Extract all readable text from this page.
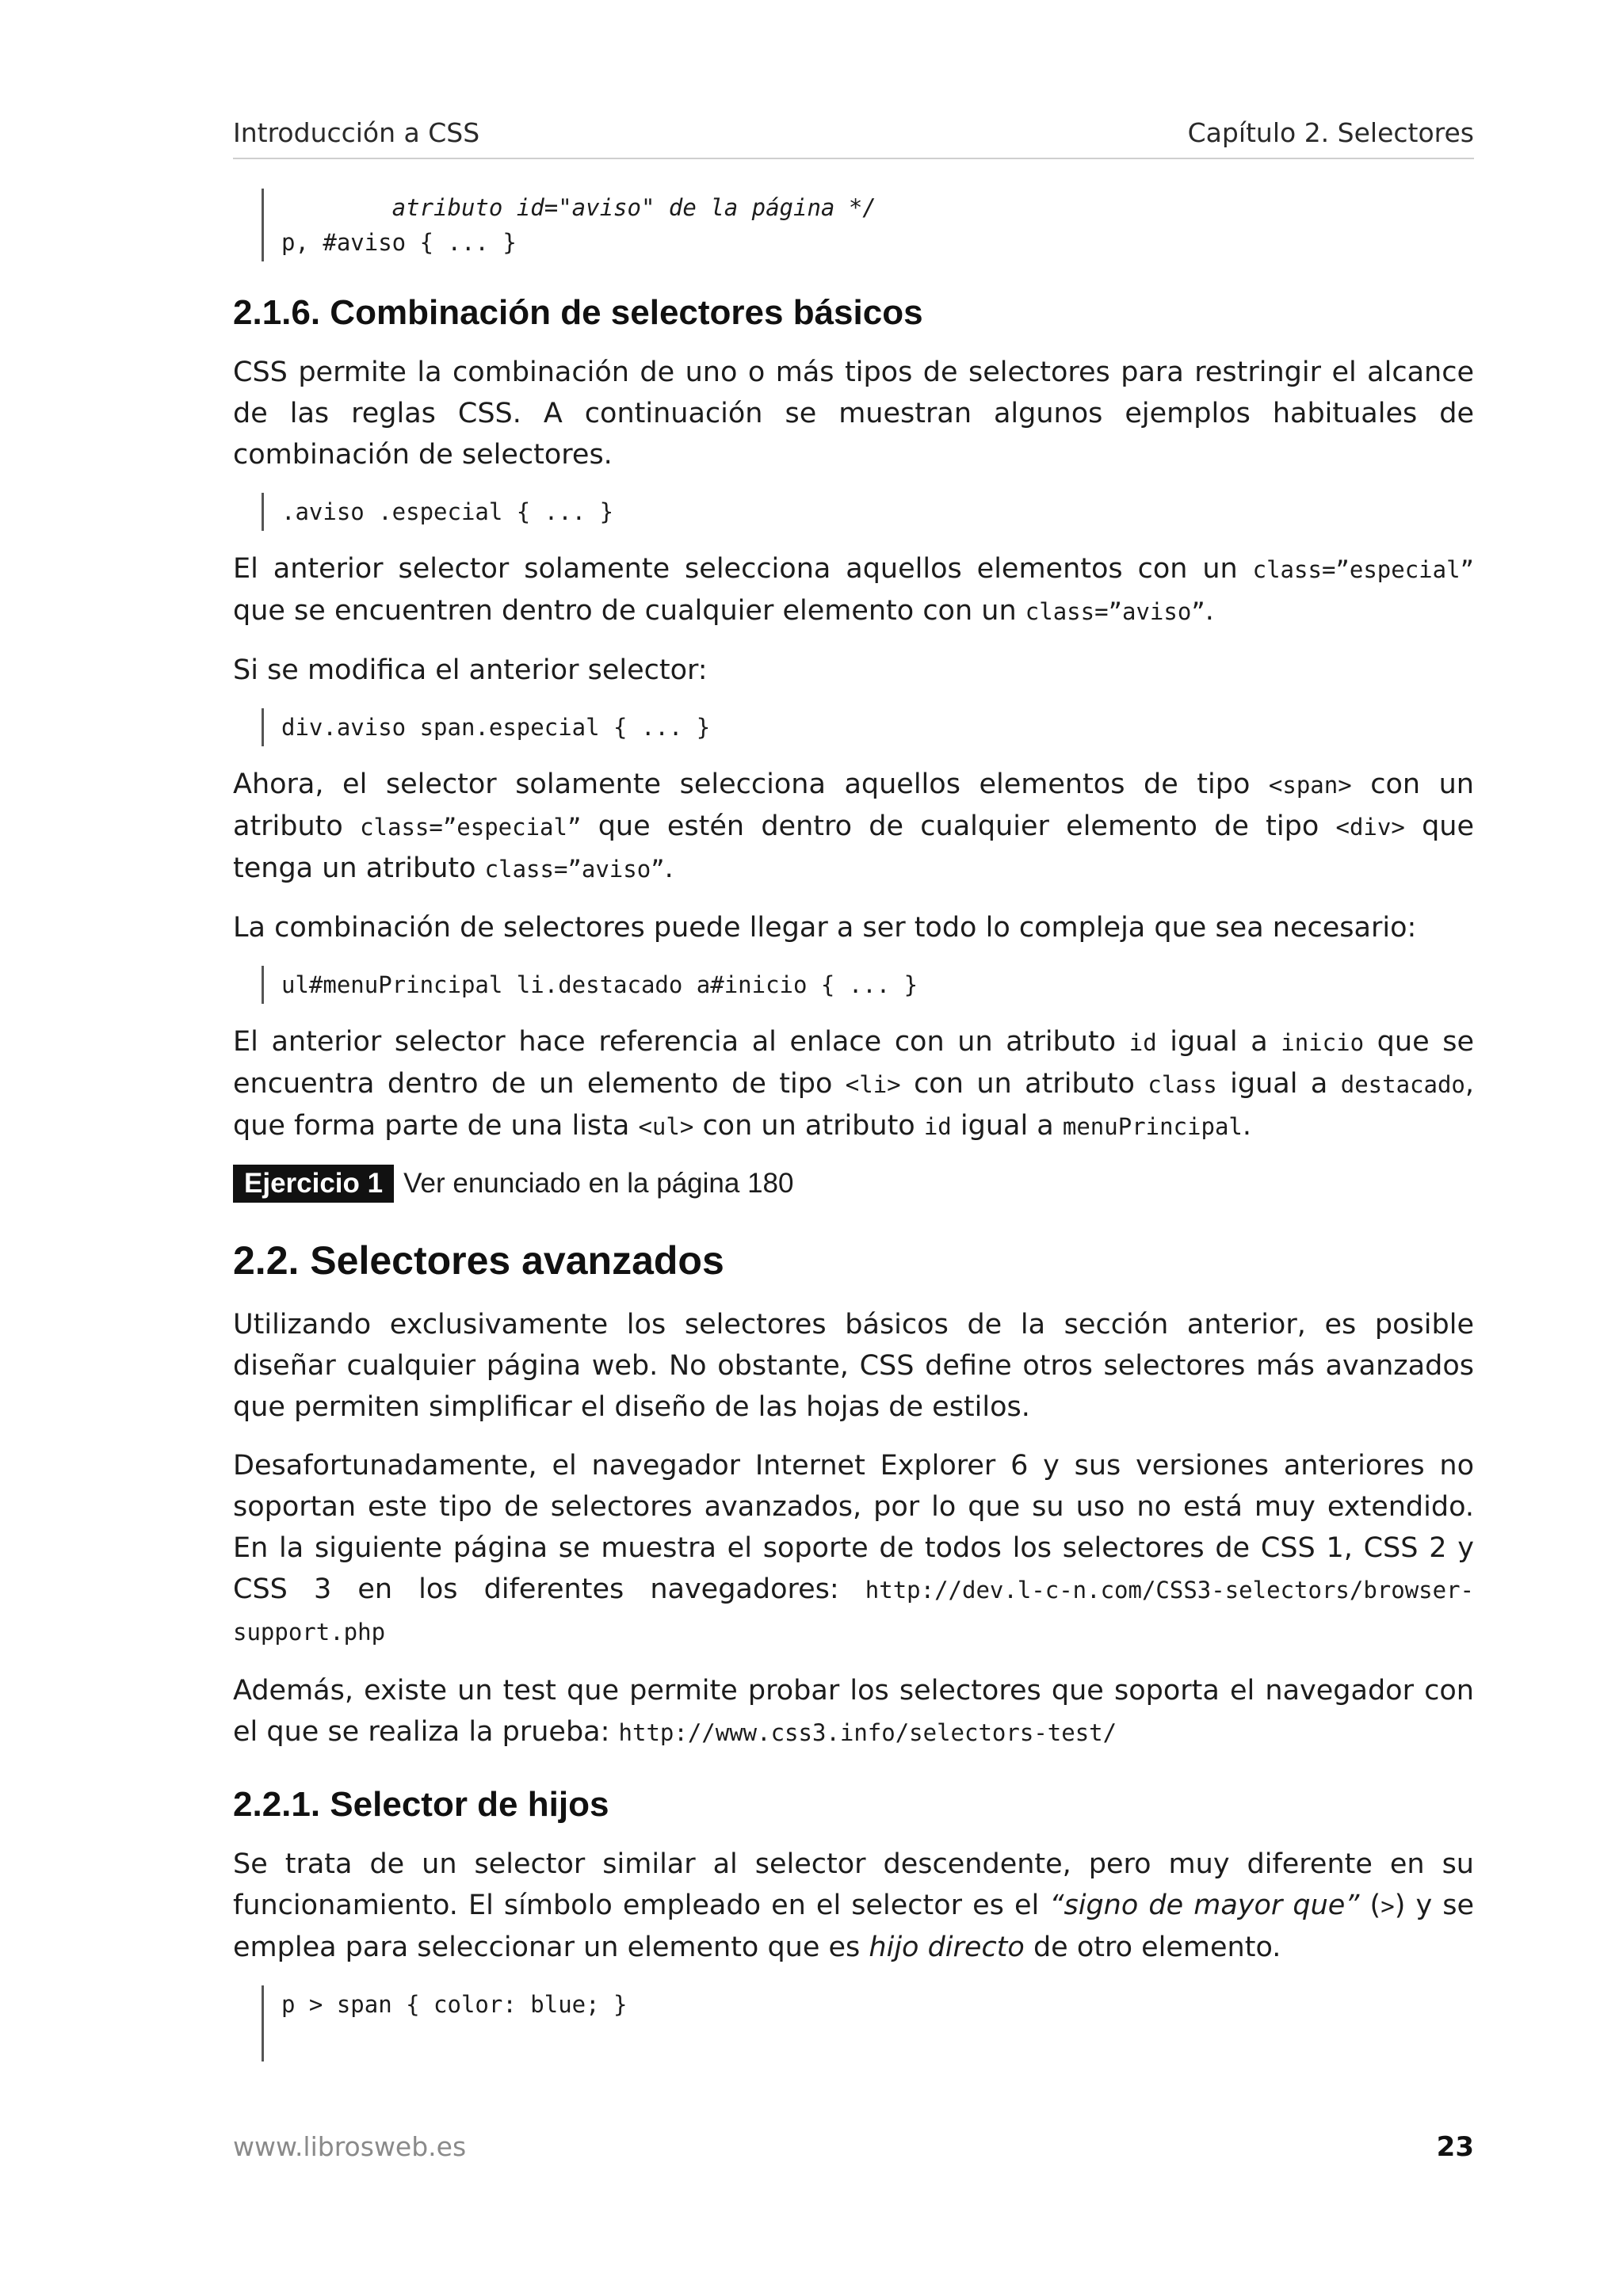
Introducción a CSS	Capítulo 2. Selectores
atributo id="aviso" de la página */
p, #aviso { ... }
2.1.6. Combinación de selectores básicos

CSS permite la combinación de uno o más tipos de selectores para restringir el alcance de las reglas CSS. A continuación se muestran algunos ejemplos habituales de combinación de selectores.

.aviso .especial { ... }

El anterior selector solamente selecciona aquellos elementos con un class=”especial” que se encuentren dentro de cualquier elemento con un class=”aviso”.

Si se modifica el anterior selector:

div.aviso span.especial { ... }

Ahora, el selector solamente selecciona aquellos elementos de tipo <span> con un atributo class=”especial” que estén dentro de cualquier elemento de tipo <div> que tenga un atributo class=”aviso”.

La combinación de selectores puede llegar a ser todo lo compleja que sea necesario:

ul#menuPrincipal li.destacado a#inicio { ... }

El anterior selector hace referencia al enlace con un atributo id igual a inicio que se encuentra dentro de un elemento de tipo <li> con un atributo class igual a destacado, que forma parte de una lista <ul> con un atributo id igual a menuPrincipal.

Ejercicio 1 Ver enunciado en la página 180
2.2. Selectores avanzados

Utilizando exclusivamente los selectores básicos de la sección anterior, es posible diseñar cualquier página web. No obstante, CSS define otros selectores más avanzados que permiten simplificar el diseño de las hojas de estilos.

Desafortunadamente, el navegador Internet Explorer 6 y sus versiones anteriores no soportan este tipo de selectores avanzados, por lo que su uso no está muy extendido. En la siguiente página se muestra el soporte de todos los selectores de CSS 1, CSS 2 y CSS 3 en los diferentes navegadores: http://dev.l-c-n.com/CSS3-selectors/browser-support.php

Además, existe un test que permite probar los selectores que soporta el navegador con el que se realiza la prueba: http://www.css3.info/selectors-test/

2.2.1. Selector de hijos

Se trata de un selector similar al selector descendente, pero muy diferente en su funcionamiento. El símbolo empleado en el selector es el “signo de mayor que” (>) y se emplea para seleccionar un elemento que es hijo directo de otro elemento.

p > span { color: blue; }
www.librosweb.es	23
